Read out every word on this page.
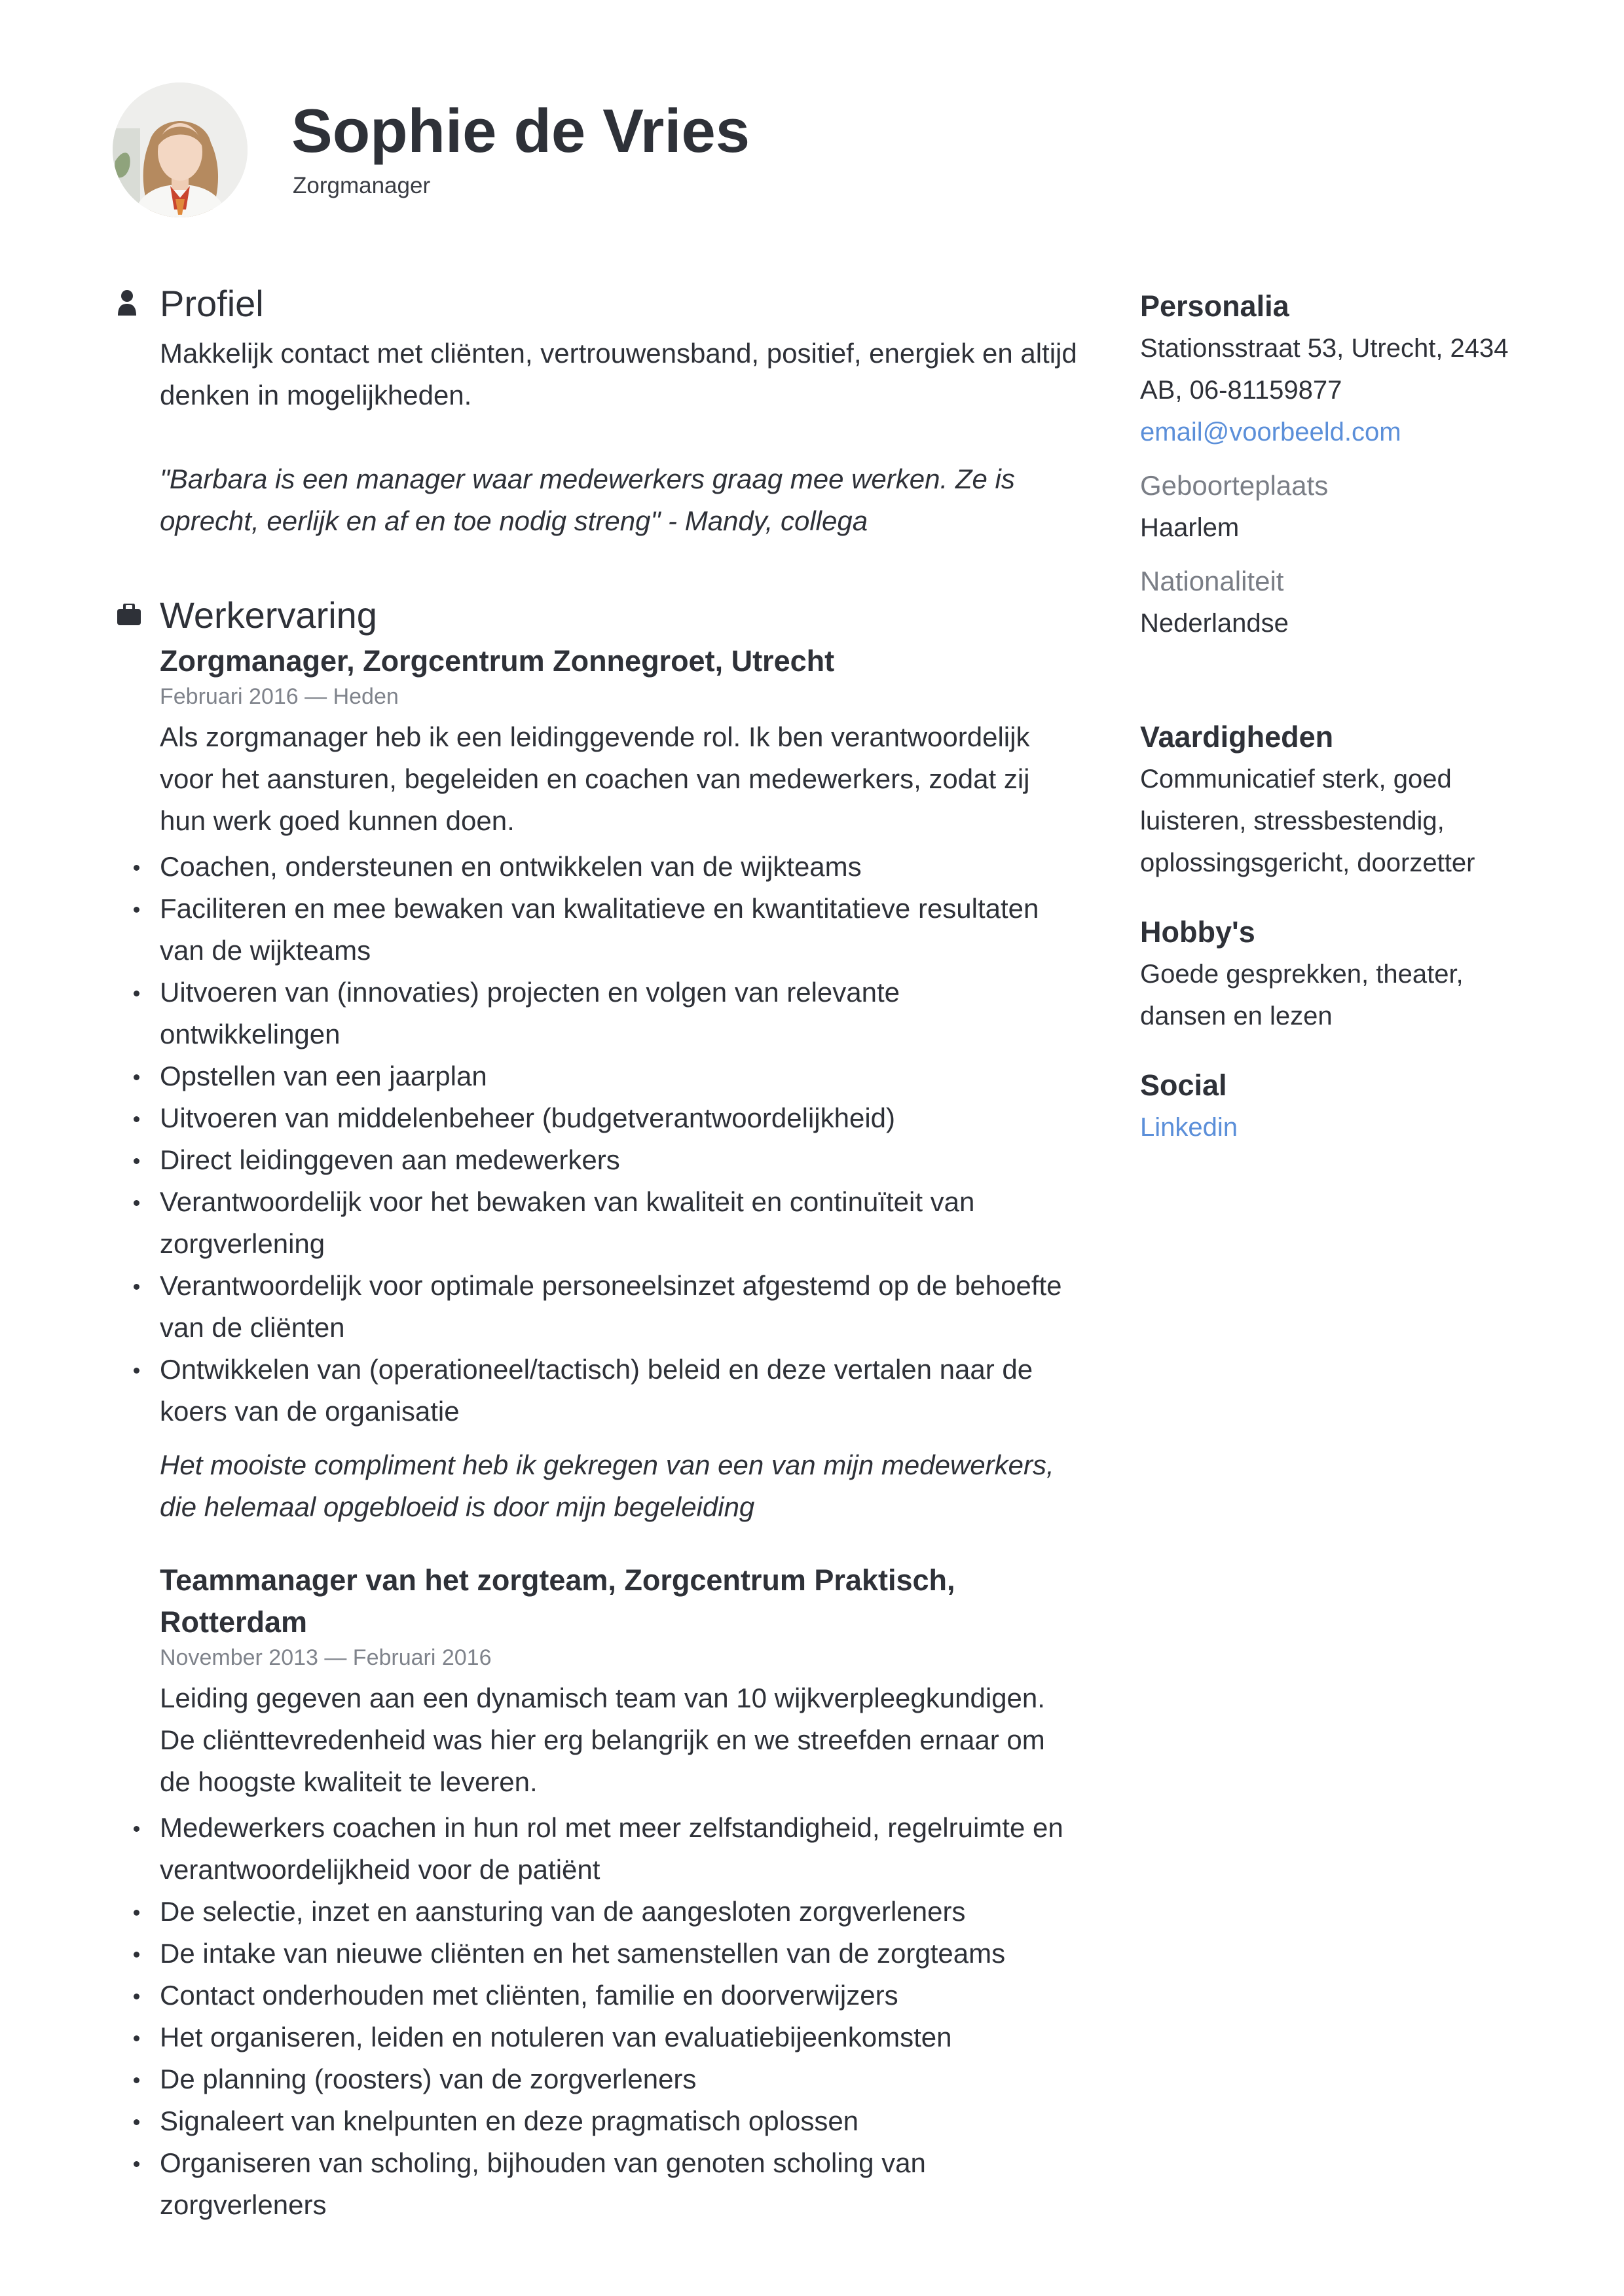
Sophie de Vries
Zorgmanager
Profiel

Makkelijk contact met cliënten, vertrouwensband, positief, energiek en altijd denken in mogelijkheden.

"Barbara is een manager waar medewerkers graag mee werken. Ze is oprecht, eerlijk en af en toe nodig streng" - Mandy, collega

Werkervaring
Zorgmanager, Zorgcentrum Zonnegroet, Utrecht
Februari 2016 — Heden

Als zorgmanager heb ik een leidinggevende rol. Ik ben verantwoordelijk voor het aansturen, begeleiden en coachen van medewerkers, zodat zij hun werk goed kunnen doen.

Coachen, ondersteunen en ontwikkelen van de wijkteams
Faciliteren en mee bewaken van kwalitatieve en kwantitatieve resultaten van de wijkteams
Uitvoeren van (innovaties) projecten en volgen van relevante ontwikkelingen
Opstellen van een jaarplan
Uitvoeren van middelenbeheer (budgetverantwoordelijkheid)
Direct leidinggeven aan medewerkers
Verantwoordelijk voor het bewaken van kwaliteit en continuïteit van zorgverlening
Verantwoordelijk voor optimale personeelsinzet afgestemd op de behoefte van de cliënten
Ontwikkelen van (operationeel/tactisch) beleid en deze vertalen naar de koers van de organisatie

Het mooiste compliment heb ik gekregen van een van mijn medewerkers, die helemaal opgebloeid is door mijn begeleiding

Teammanager van het zorgteam, Zorgcentrum Praktisch, Rotterdam
November 2013 — Februari 2016

Leiding gegeven aan een dynamisch team van 10 wijkverpleegkundigen. De cliënttevredenheid was hier erg belangrijk en we streefden ernaar om de hoogste kwaliteit te leveren.

Medewerkers coachen in hun rol met meer zelfstandigheid, regelruimte en verantwoordelijkheid voor de patiënt
De selectie, inzet en aansturing van de aangesloten zorgverleners
De intake van nieuwe cliënten en het samenstellen van de zorgteams
Contact onderhouden met cliënten, familie en doorverwijzers
Het organiseren, leiden en notuleren van evaluatiebijeenkomsten
De planning (roosters) van de zorgverleners
Signaleert van knelpunten en deze pragmatisch oplossen
Organiseren van scholing, bijhouden van genoten scholing van zorgverleners
Personalia
Stationsstraat 53, Utrecht, 2434 AB, 06-81159877
email@voorbeeld.com
Geboorteplaats
Haarlem
Nationaliteit
Nederlandse
Vaardigheden
Communicatief sterk, goed luisteren, stressbestendig, oplossingsgericht, doorzetter
Hobby's
Goede gesprekken, theater, dansen en lezen
Social
Linkedin
